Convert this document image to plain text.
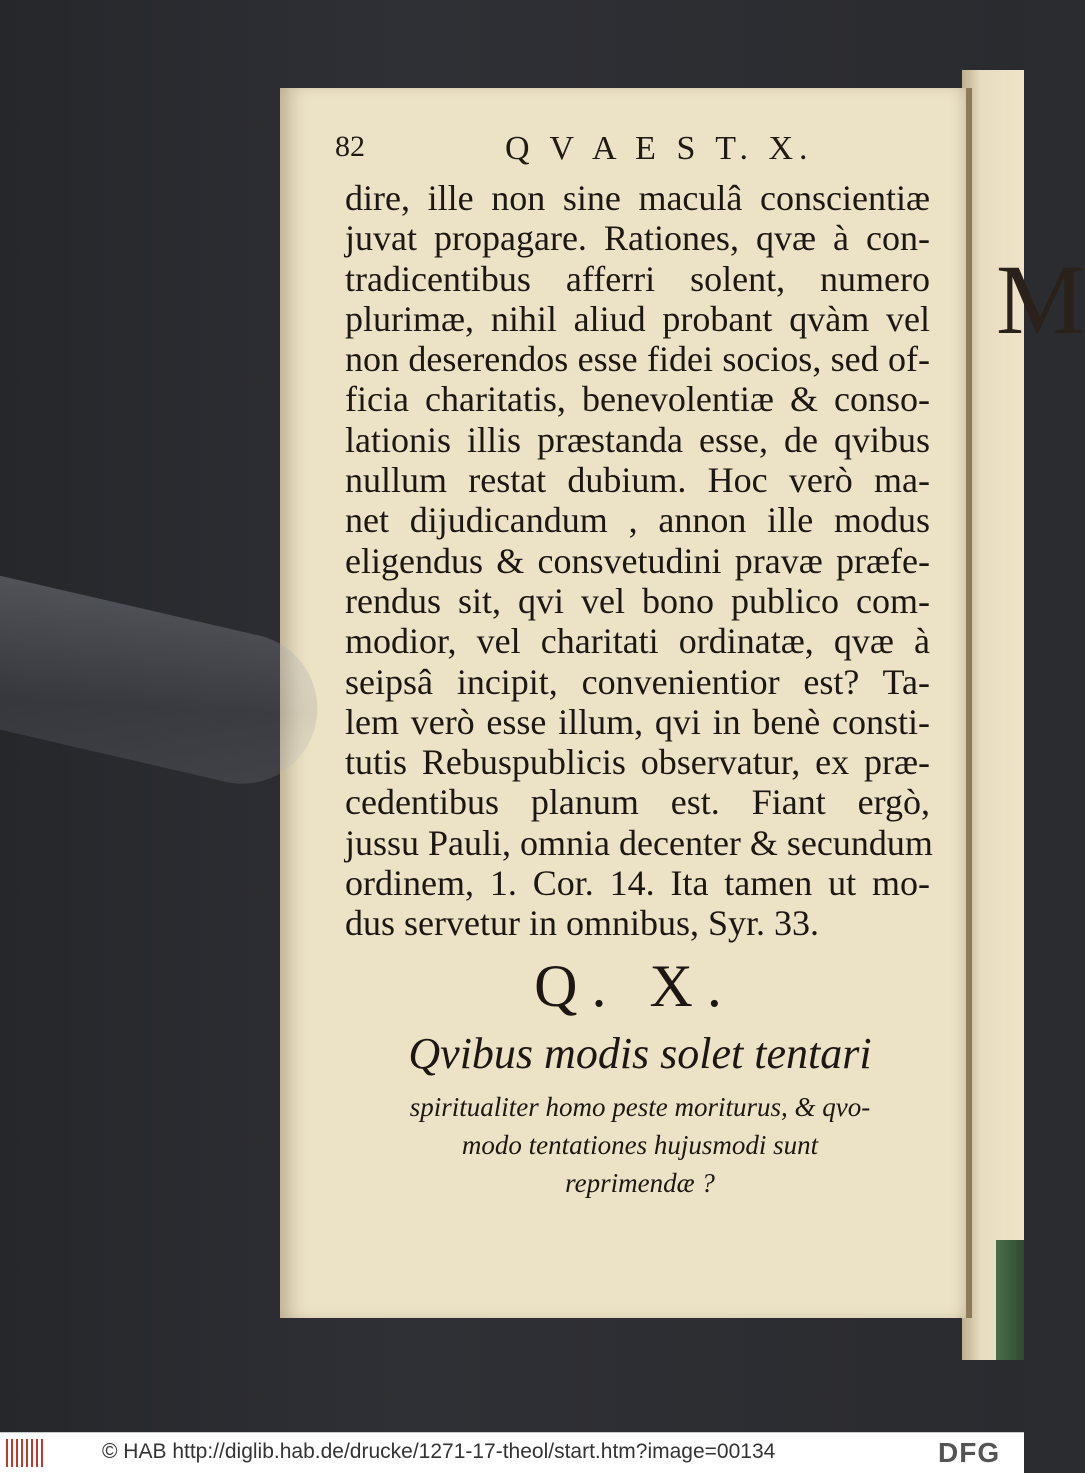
M
82	Q V A E S T. X.
dire, ille non sine maculâ conscientiæ
juvat propagare. Rationes, qvæ à con-
tradicentibus afferri solent, numero
plurimæ, nihil aliud probant qvàm vel
non deserendos esse fidei socios, sed of-
ficia charitatis, benevolentiæ & conso-
lationis illis præstanda esse, de qvibus
nullum restat dubium. Hoc verò ma-
net dijudicandum , annon ille modus
eligendus & consvetudini pravæ præfe-
rendus sit, qvi vel bono publico com-
modior, vel charitati ordinatæ, qvæ à
seipsâ incipit, convenientior est? Ta-
lem verò esse illum, qvi in benè consti-
tutis Rebuspublicis observatur, ex præ-
cedentibus planum est. Fiant ergò,
jussu Pauli, omnia decenter & secundum
ordinem, 1. Cor. 14. Ita tamen ut mo-
dus servetur in omnibus, Syr. 33.
Q. X.
Qvibus modis solet tentari
spiritualiter homo peste moriturus, & qvo-
modo tentationes hujusmodi sunt
reprimendæ ?
© HAB http://diglib.hab.de/drucke/1271-17-theol/start.htm?image=00134	DFG
